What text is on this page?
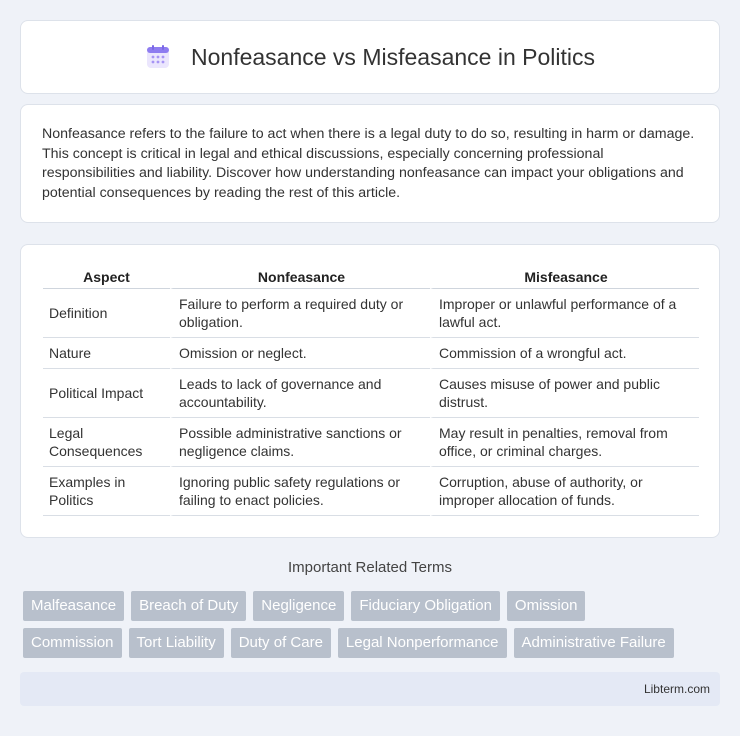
Nonfeasance vs Misfeasance in Politics

Nonfeasance refers to the failure to act when there is a legal duty to do so, resulting in harm or damage. This concept is critical in legal and ethical discussions, especially concerning professional responsibilities and liability. Discover how understanding nonfeasance can impact your obligations and potential consequences by reading the rest of this article.

Aspect	Nonfeasance	Misfeasance
Definition	Failure to perform a required duty or obligation.	Improper or unlawful performance of a lawful act.
Nature	Omission or neglect.	Commission of a wrongful act.
Political Impact	Leads to lack of governance and accountability.	Causes misuse of power and public distrust.
Legal Consequences	Possible administrative sanctions or negligence claims.	May result in penalties, removal from office, or criminal charges.
Examples in Politics	Ignoring public safety regulations or failing to enact policies.	Corruption, abuse of authority, or improper allocation of funds.
Important Related Terms
Malfeasance	Breach of Duty	Negligence	Fiduciary Obligation	Omission
Commission	Tort Liability	Duty of Care	Legal Nonperformance	Administrative Failure
Libterm.com
